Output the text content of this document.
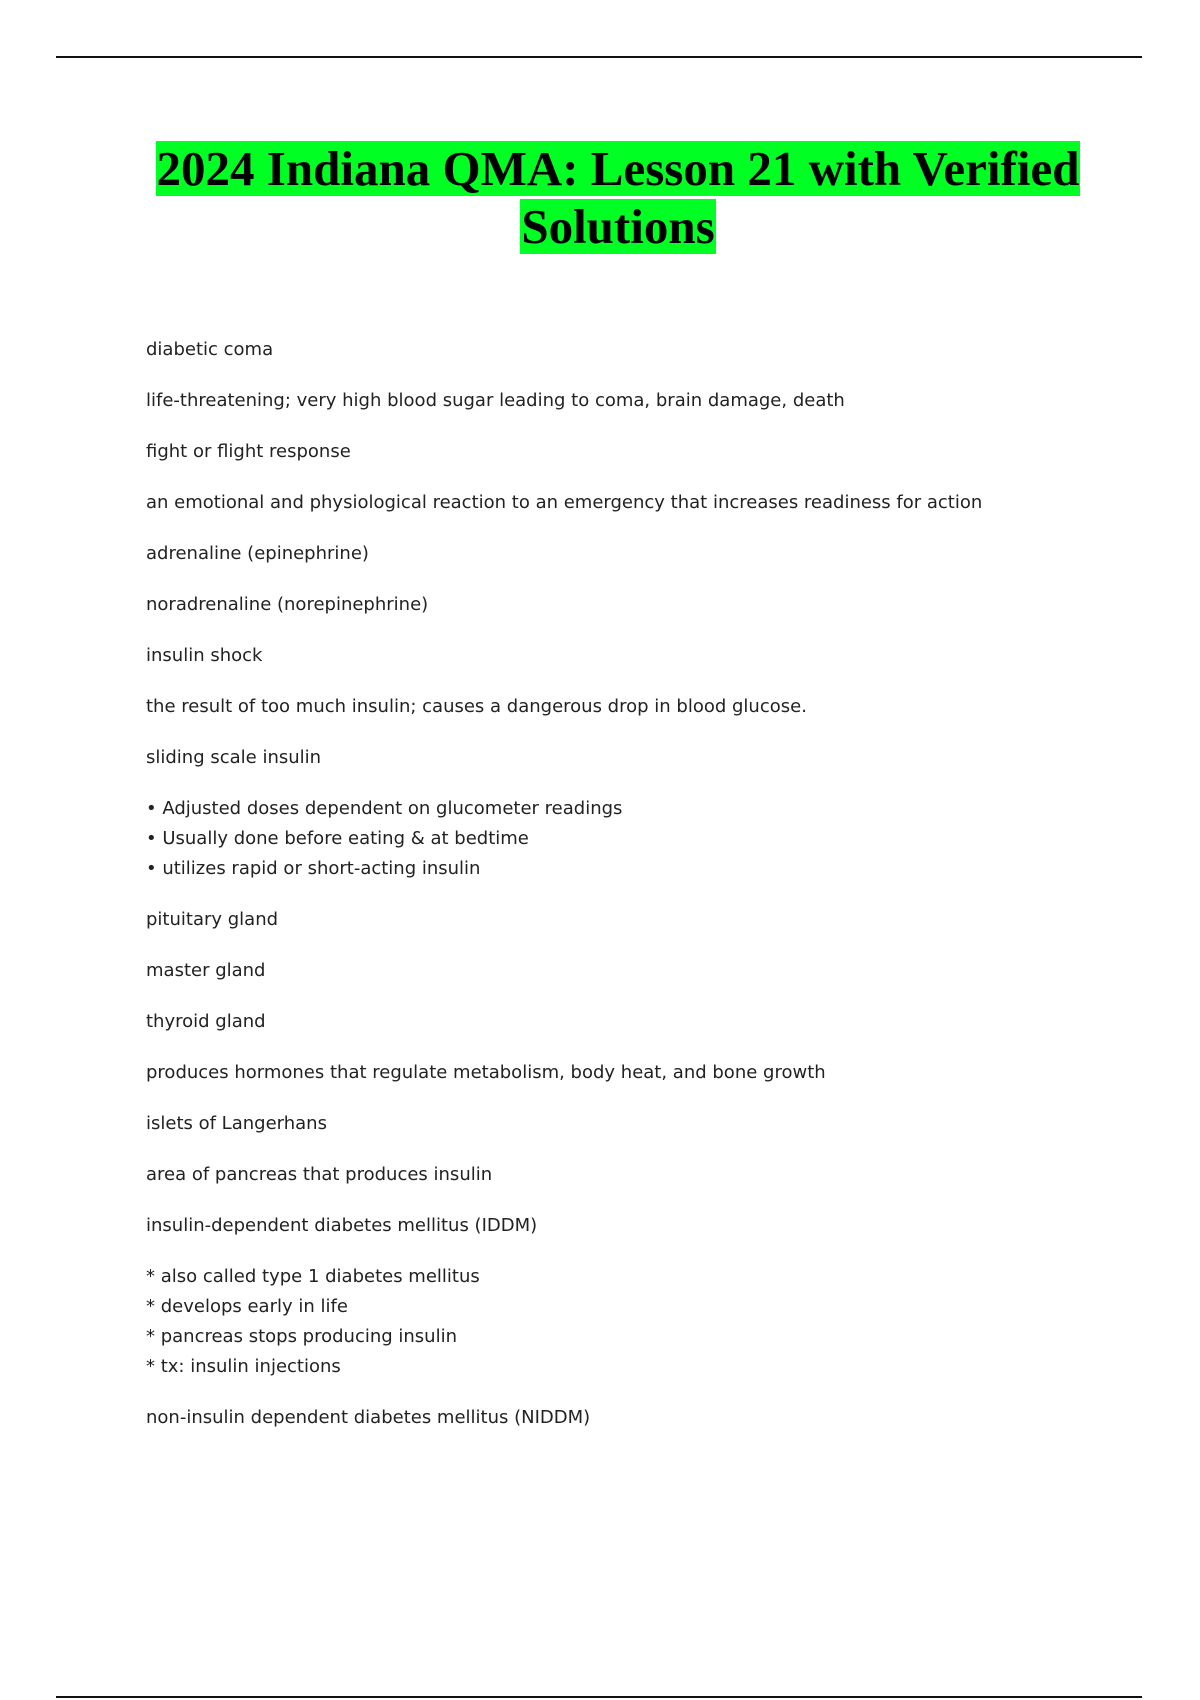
2024 Indiana QMA: Lesson 21 with Verified
Solutions

diabetic coma

life-threatening; very high blood sugar leading to coma, brain damage, death

fight or flight response

an emotional and physiological reaction to an emergency that increases readiness for action

adrenaline (epinephrine)

noradrenaline (norepinephrine)

insulin shock

the result of too much insulin; causes a dangerous drop in blood glucose.

sliding scale insulin

• Adjusted doses dependent on glucometer readings
• Usually done before eating & at bedtime
• utilizes rapid or short-acting insulin

pituitary gland

master gland

thyroid gland

produces hormones that regulate metabolism, body heat, and bone growth

islets of Langerhans

area of pancreas that produces insulin

insulin-dependent diabetes mellitus (IDDM)

* also called type 1 diabetes mellitus
* develops early in life
* pancreas stops producing insulin
* tx: insulin injections

non-insulin dependent diabetes mellitus (NIDDM)
